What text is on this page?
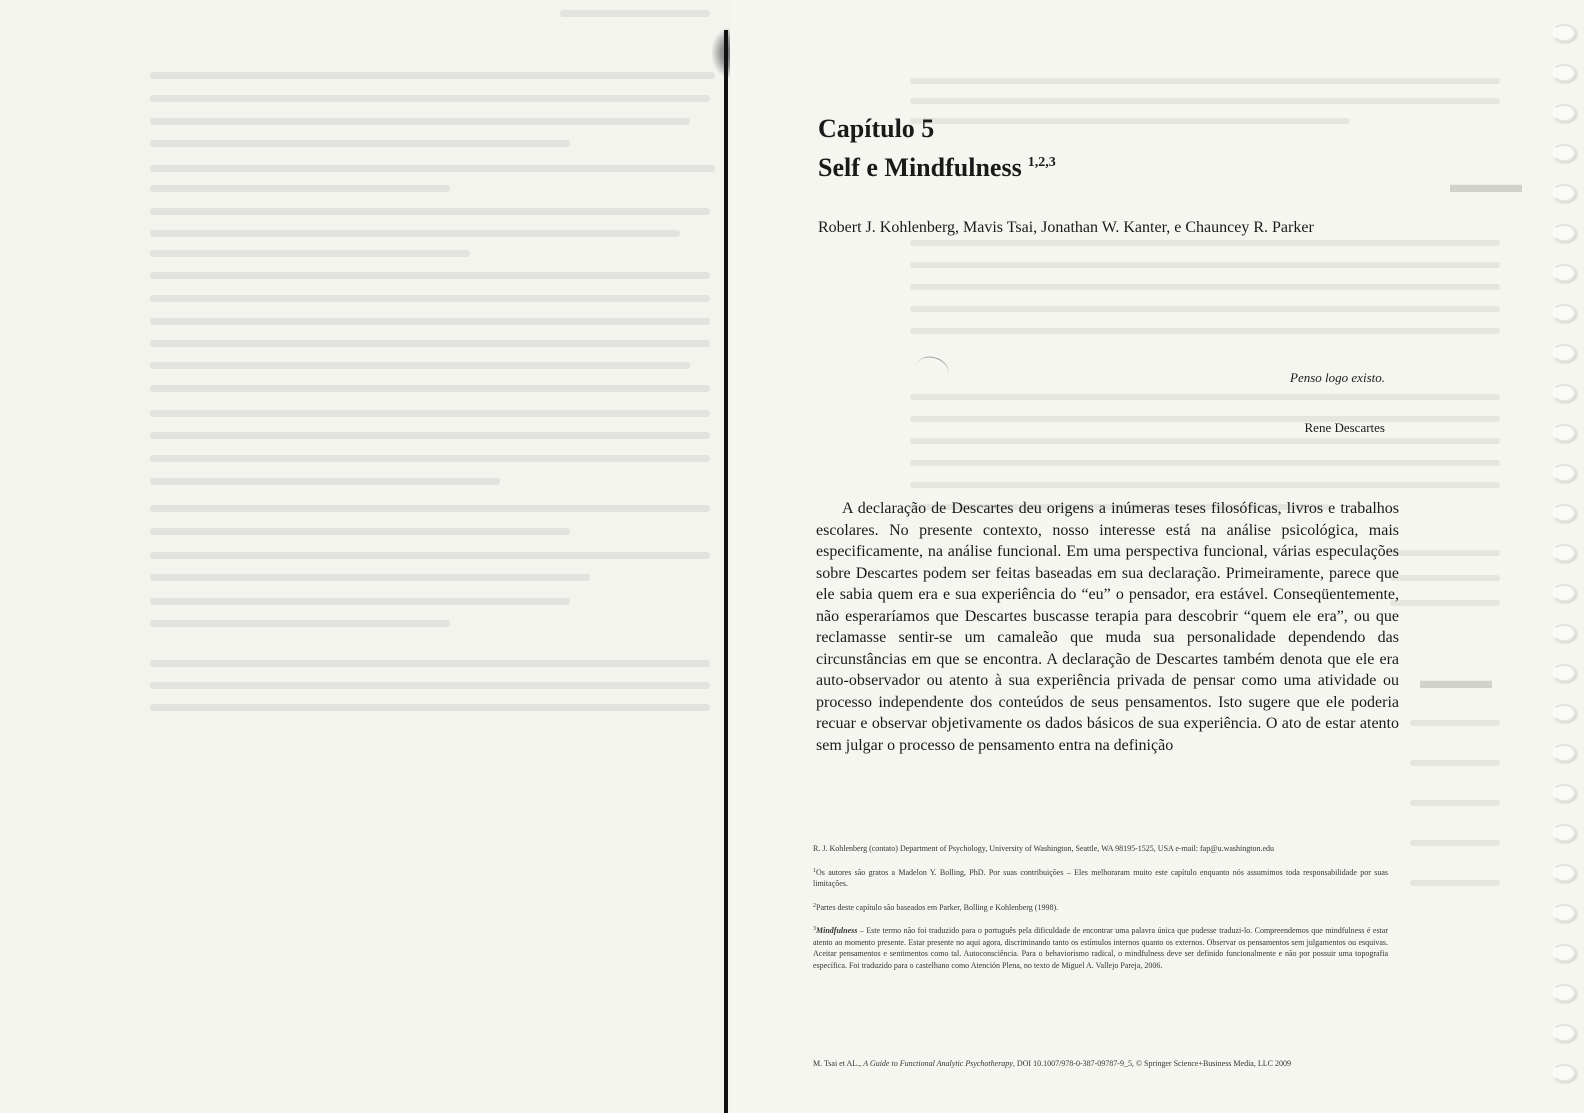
▬▬▬
▬▬▬
Capítulo 5
Self e Mindfulness $^{1,2,3}$
Robert J. Kohlenberg, Mavis Tsai, Jonathan W. Kanter, e Chauncey R. Parker
Penso logo existo.
Rene Descartes

A declaração de Descartes deu origens a inúmeras teses filosóficas, livros e trabalhos escolares. No presente contexto, nosso interesse está na análise psicológica, mais especificamente, na análise funcional. Em uma perspectiva funcional, várias especulações sobre Descartes podem ser feitas baseadas em sua declaração. Primeiramente, parece que ele sabia quem era e sua experiência do “eu” o pensador, era estável. Conseqüentemente, não esperaríamos que Descartes buscasse terapia para descobrir “quem ele era”, ou que reclamasse sentir-se um camaleão que muda sua personalidade dependendo das circunstâncias em que se encontra. A declaração de Descartes também denota que ele era auto-observador ou atento à sua experiência privada de pensar como uma atividade ou processo independente dos conteúdos de seus pensamentos. Isto sugere que ele poderia recuar e observar objetivamente os dados básicos de sua experiência. O ato de estar atento sem julgar o processo de pensamento entra na definição

R. J. Kohlenberg (contato) Department of Psychology, University of Washington, Seattle, WA 98195-1525, USA e-mail: fap@u.washington.edu

$^1$Os autores são gratos a Madelon Y. Bolling, PhD. Por suas contribuições – Eles melhoraram muito este capítulo enquanto nós assumimos toda responsabilidade por suas limitações.

$^2$Partes deste capítulo são baseados em Parker, Bolling e Kohlenberg (1998).

$^3$Mindfulness – Este termo não foi traduzido para o português pela dificuldade de encontrar uma palavra única que pudesse traduzi-lo. Compreendemos que mindfulness é estar atento ao momento presente. Estar presente no aqui agora, discriminando tanto os estímulos internos quanto os externos. Observar os pensamentos sem julgamentos ou esquivas. Aceitar pensamentos e sentimentos como tal. Autoconsciência. Para o behaviorismo radical, o mindfulness deve ser definido funcionalmente e não por possuir uma topografia específica. Foi traduzido para o castelhano como Atención Plena, no texto de Miguel A. Vallejo Pareja, 2006.

M. Tsai et AL., A Guide to Functional Analytic Psychotherapy, DOI 10.1007/978-0-387-09787-9_5, © Springer Science+Business Media, LLC 2009
